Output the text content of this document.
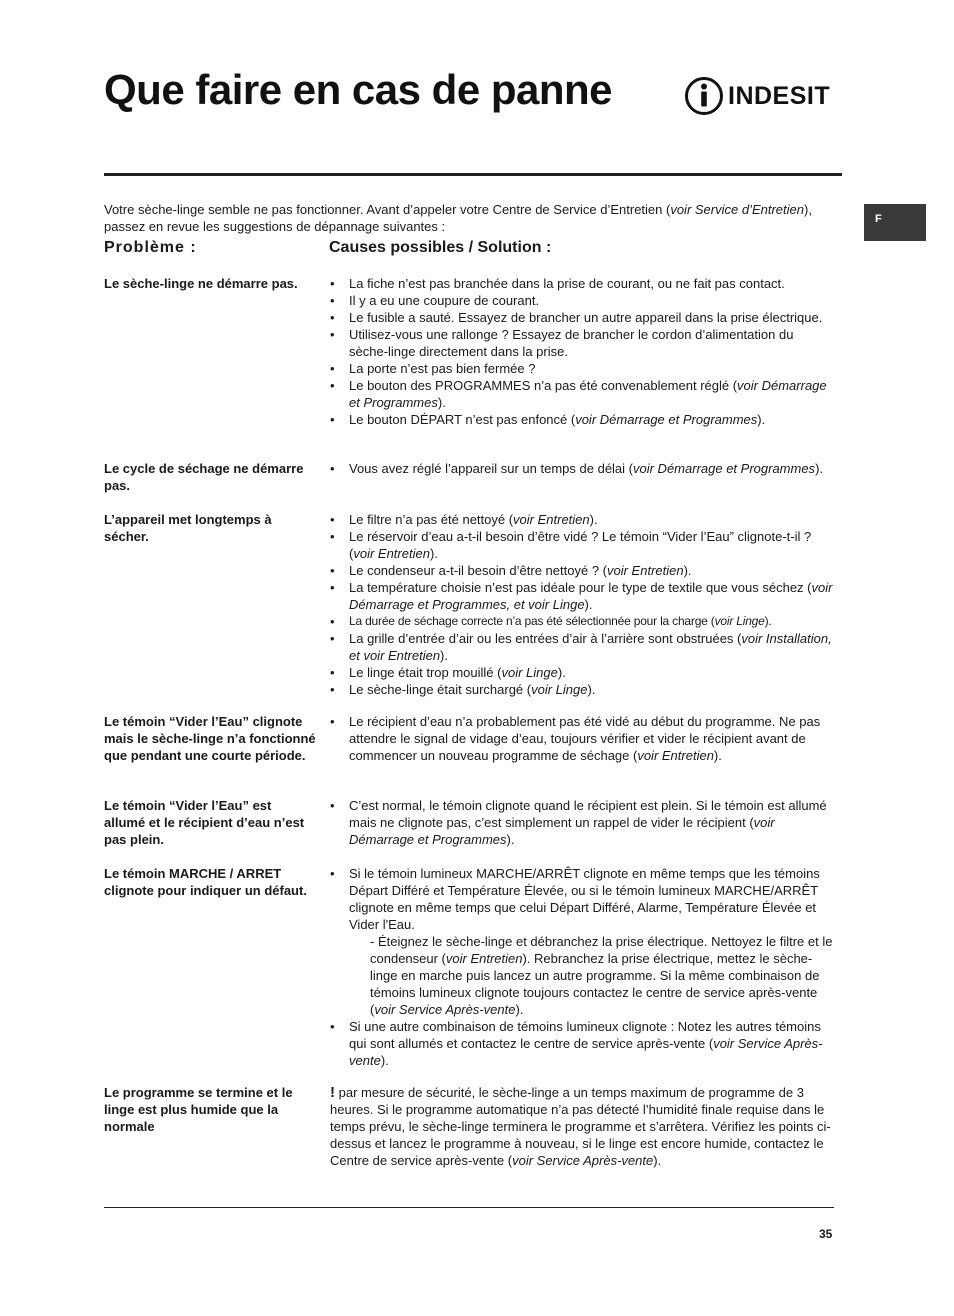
Que faire en cas de panne	INDESIT
F

Votre sèche-linge semble ne pas fonctionner. Avant d’appeler votre Centre de Service d’Entretien (voir Service d’Entretien), passez en revue les suggestions de dépannage suivantes :

Problème :	Causes possibles / Solution :

Le sèche-linge ne démarre pas.

•	La fiche n’est pas branchée dans la prise de courant, ou ne fait pas contact.
• Il y a eu une coupure de courant.
• Le fusible a sauté. Essayez de brancher un autre appareil dans la prise électrique.
• Utilisez-vous une rallonge ? Essayez de brancher le cordon d’alimentation du sèche-linge directement dans la prise.
• La porte n’est pas bien fermée ?
• Le bouton des PROGRAMMES n’a pas été convenablement réglé (voir Démarrage et Programmes).
• Le bouton DÉPART n’est pas enfoncé (voir Démarrage et Programmes).

Le cycle de séchage ne démarre pas.

• Vous avez réglé l’appareil sur un temps de délai (voir Démarrage et Programmes).

L’appareil met longtemps à sécher.

• Le filtre n’a pas été nettoyé (voir Entretien).
• Le réservoir d’eau a-t-il besoin d’être vidé ? Le témoin “Vider l’Eau” clignote-t-il ? (voir Entretien).
• Le condenseur a-t-il besoin d’être nettoyé ? (voir Entretien).
• La température choisie n’est pas idéale pour le type de textile que vous séchez (voir Démarrage et Programmes, et voir Linge).
• La durée de séchage correcte n’a pas été sélectionnée pour la charge (voir Linge).
• La grille d’entrée d’air ou les entrées d’air à l’arrière sont obstruées (voir Installation, et voir Entretien).
• Le linge était trop mouillé (voir Linge).
• Le sèche-linge était surchargé (voir Linge).

Le témoin “Vider l’Eau” clignote mais le sèche-linge n’a fonctionné que pendant une courte période.

• Le récipient d’eau n’a probablement pas été vidé au début du programme. Ne pas attendre le signal de vidage d’eau, toujours vérifier et vider le récipient avant de commencer un nouveau programme de séchage (voir Entretien).

Le témoin “Vider l’Eau” est allumé et le récipient d’eau n’est pas plein.

• C’est normal, le témoin clignote quand le récipient est plein. Si le témoin est allumé mais ne clignote pas, c’est simplement un rappel de vider le récipient (voir Démarrage et Programmes).

Le témoin MARCHE / ARRET clignote pour indiquer un défaut.

• Si le témoin lumineux MARCHE/ARRÊT clignote en même temps que les témoins Départ Différé et Température Élevée, ou si le témoin lumineux MARCHE/ARRÊT clignote en même temps que celui Départ Différé, Alarme, Température Élevée et Vider l'Eau.
- Éteignez le sèche-linge et débranchez la prise électrique. Nettoyez le filtre et le condenseur (voir Entretien). Rebranchez la prise électrique, mettez le sèche-linge en marche puis lancez un autre programme. Si la même combinaison de témoins lumineux clignote toujours contactez le centre de service après-vente (voir Service Après-vente).
• Si une autre combinaison de témoins lumineux clignote : Notez les autres témoins qui sont allumés et contactez le centre de service après-vente (voir Service Après-vente).

Le programme se termine et le linge est plus humide que la normale

! par mesure de sécurité, le sèche-linge a un temps maximum de programme de 3 heures. Si le programme automatique n’a pas détecté l’humidité finale requise dans le temps prévu, le sèche-linge terminera le programme et s’arrêtera. Vérifiez les points ci-dessus et lancez le programme à nouveau, si le linge est encore humide, contactez le Centre de service après-vente (voir Service Après-vente).

35
